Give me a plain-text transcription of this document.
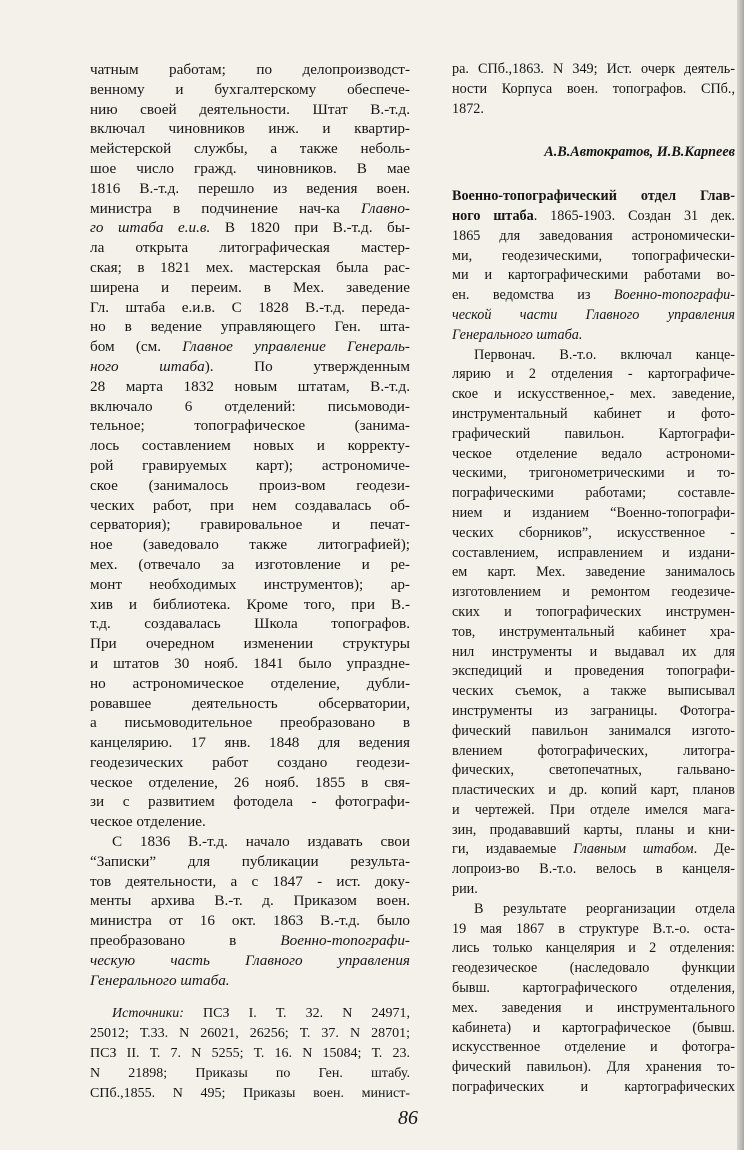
чатным работам; по делопроизводст-
венному и бухгалтерскому обеспече-
нию своей деятельности. Штат В.-т.д.
включал чиновников инж. и квартир-
мейстерской службы, а также неболь-
шое число гражд. чиновников. В мае
1816 В.-т.д. перешло из ведения воен.
министра в подчинение нач-ка Главно-
го штаба е.и.в. В 1820 при В.-т.д. бы-
ла открыта литографическая мастер-
ская; в 1821 мех. мастерская была рас-
ширена и переим. в Мех. заведение
Гл. штаба е.и.в. С 1828 В.-т.д. переда-
но в ведение управляющего Ген. шта-
бом (см. Главное управление Генераль-
ного штаба). По утвержденным
28 марта 1832 новым штатам, В.-т.д.
включало 6 отделений: письмоводи-
тельное; топографическое (занима-
лось составлением новых и корректу-
рой гравируемых карт); астрономиче-
ское (занималось произ-вом геодези-
ческих работ, при нем создавалась об-
серватория); гравировальное и печат-
ное (заведовало также литографией);
мех. (отвечало за изготовление и ре-
монт необходимых инструментов); ар-
хив и библиотека. Кроме того, при В.-
т.д. создавалась Школа топографов.
При очередном изменении структуры
и штатов 30 нояб. 1841 было упраздне-
но астрономическое отделение, дубли-
ровавшее деятельность обсерватории,
а письмоводительное преобразовано в
канцелярию. 17 янв. 1848 для ведения
геодезических работ создано геодези-
ческое отделение, 26 нояб. 1855 в свя-
зи с развитием фотодела - фотографи-
ческое отделение.
С 1836 В.-т.д. начало издавать свои
“Записки” для публикации результа-
тов деятельности, а с 1847 - ист. доку-
менты архива В.-т. д. Приказом воен.
министра от 16 окт. 1863 В.-т.д. было
преобразовано в Военно-топографи-
ческую часть Главного управления
Генерального штаба.
Источники: ПСЗ I. Т. 32. N 24971,
25012; Т.33. N 26021, 26256; Т. 37. N 28701;
ПСЗ II. Т. 7. N 5255; Т. 16. N 15084; Т. 23.
N 21898; Приказы по Ген. штабу.
СПб.,1855. N 495; Приказы воен. минист-
ра. СПб.,1863. N 349; Ист. очерк деятель-
ности Корпуса воен. топографов. СПб.,
1872.
А.В.Автократов, И.В.Карпеев
Военно-топографический отдел Глав-
ного штаба. 1865-1903. Создан 31 дек.
1865 для заведования астрономически-
ми, геодезическими, топографически-
ми и картографическими работами во-
ен. ведомства из Военно-топографи-
ческой части Главного управления
Генерального штаба.
Первонач. В.-т.о. включал канце-
лярию и 2 отделения - картографиче-
ское и искусственное,- мех. заведение,
инструментальный кабинет и фото-
графический павильон. Картографи-
ческое отделение ведало астрономи-
ческими, тригонометрическими и то-
пографическими работами; составле-
нием и изданием “Военно-топографи-
ческих сборников”, искусственное -
составлением, исправлением и издани-
ем карт. Мех. заведение занималось
изготовлением и ремонтом геодезиче-
ских и топографических инструмен-
тов, инструментальный кабинет хра-
нил инструменты и выдавал их для
экспедиций и проведения топографи-
ческих съемок, а также выписывал
инструменты из заграницы. Фотогра-
фический павильон занимался изгото-
влением фотографических, литогра-
фических, светопечатных, гальвано-
пластических и др. копий карт, планов
и чертежей. При отделе имелся мага-
зин, продававший карты, планы и кни-
ги, издаваемые Главным штабом. Де-
лопроиз-во В.-т.о. велось в канцеля-
рии.
В результате реорганизации отдела
19 мая 1867 в структуре В.т.-о. оста-
лись только канцелярия и 2 отделения:
геодезическое (наследовало функции
бывш. картографического отделения,
мех. заведения и инструментального
кабинета) и картографическое (бывш.
искусственное отделение и фотогра-
фический павильон). Для хранения то-
пографических и картографических
86
